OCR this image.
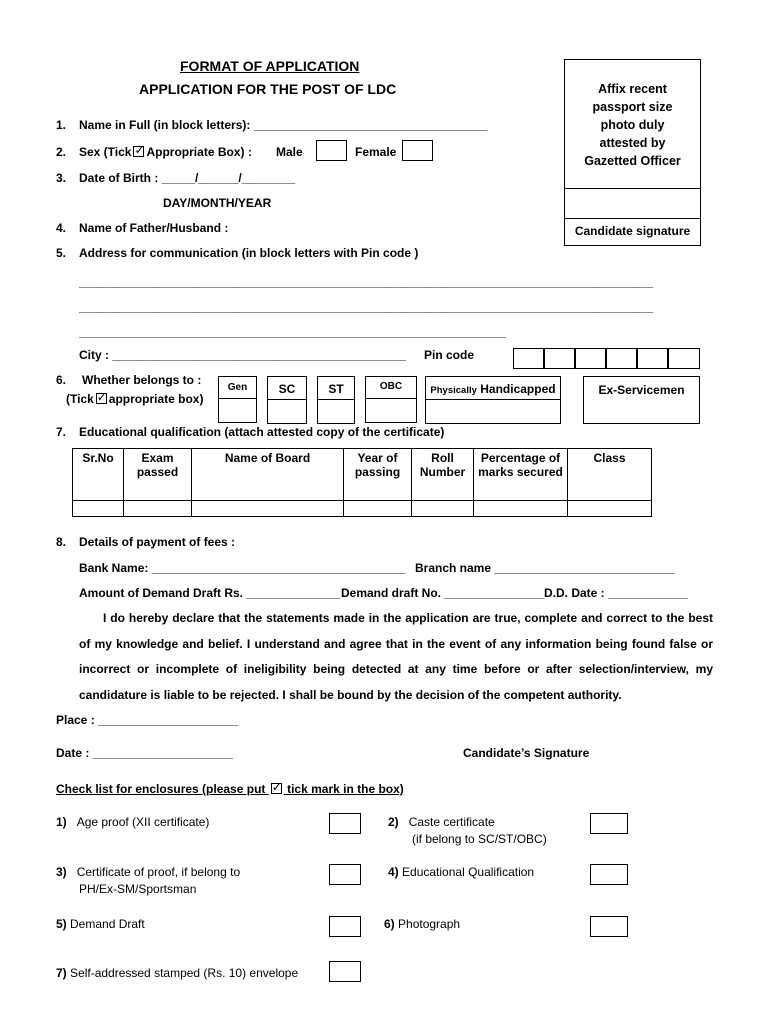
FORMAT OF APPLICATION
APPLICATION FOR THE POST OF LDC	Affix recent
passport size
photo duly
attested by
Gazetted Officer
Candidate signature
1. Name in Full (in block letters): ___________________________________
2. Sex (Tick ✓ Appropriate Box) : Male	Female
3. Date of Birth : _____/______/________
DAY/MONTH/YEAR
4. Name of Father/Husband :
5. Address for communication (in block letters with Pin code )
______________________________________________________________________________________
______________________________________________________________________________________
________________________________________________________________
City : ____________________________________________ Pin code
6. Whether belongs to :
(Tick ✓ appropriate box)
Gen	SC	ST	OBC	Physically Handicapped	Ex-Servicemen
7. Educational qualification (attach attested copy of the certificate)
Sr.No	Exam passed	Name of Board	Year of passing	Roll Number	Percentage of marks secured	Class

8. Details of payment of fees :
Bank Name: ______________________________________ Branch name ___________________________
Amount of Demand Draft Rs. ______________ Demand draft No. _______________ D.D. Date : ____________
I do hereby declare that the statements made in the application are true, complete and correct to the best of my knowledge and belief. I understand and agree that in the event of any information being found false or incorrect or incomplete of ineligibility being detected at any time before or after selection/interview, my candidature is liable to be rejected. I shall be bound by the decision of the competent authority.
Place : _____________________
Date : _____________________	Candidate’s Signature
Check list for enclosures (please put ✓ tick mark in the box)
1) Age proof (XII certificate)	2) Caste certificate
(if belong to SC/ST/OBC)
3) Certificate of proof, if belong to
PH/Ex-SM/Sportsman
4) Educational Qualification
5) Demand Draft	6) Photograph
7) Self-addressed stamped (Rs. 10) envelope
